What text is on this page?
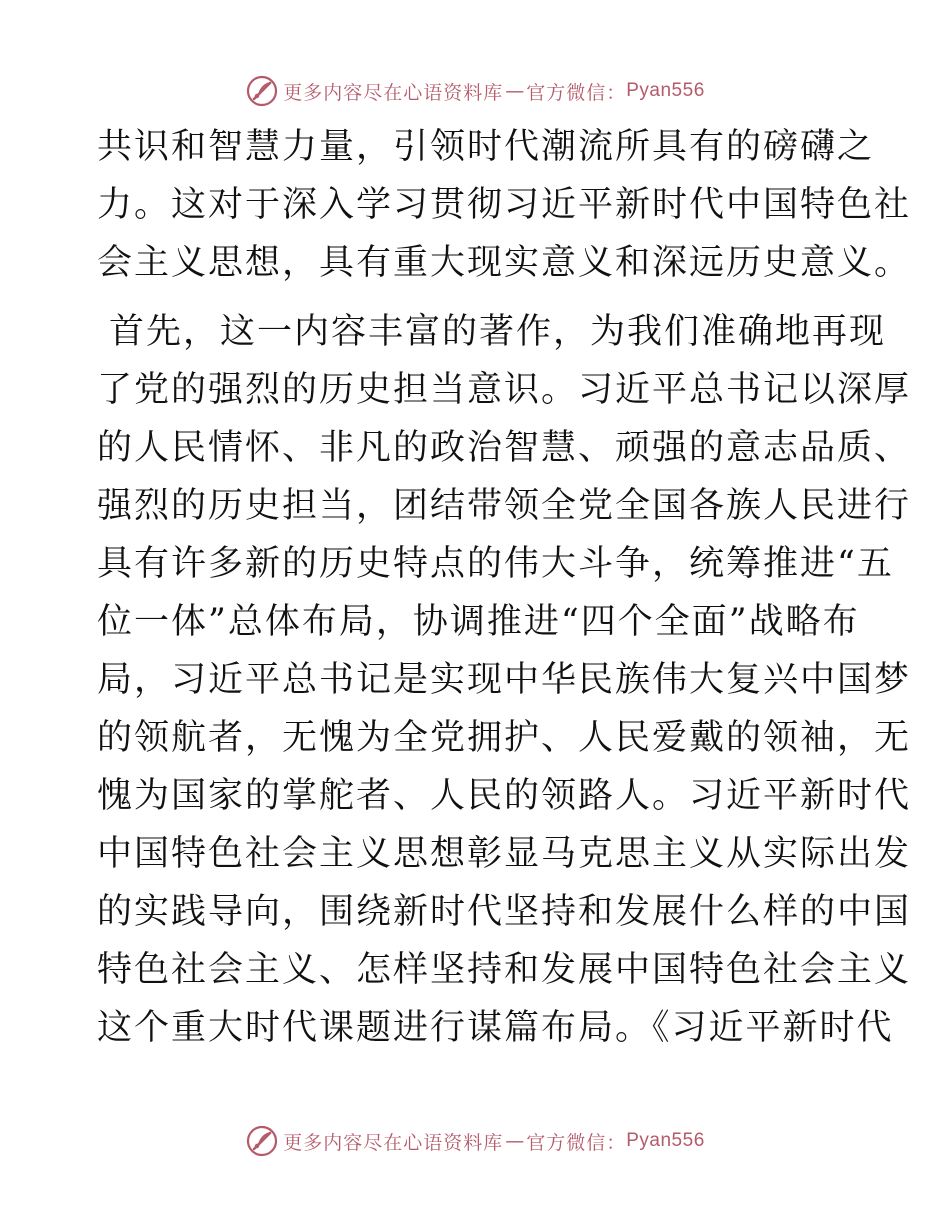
更多内容尽在心语资料库 — 官方微信： Pyan556
共识和智慧力量，引领时代潮流所具有的磅礴之
力。这对于深入学习贯彻习近平新时代中国特色社
会主义思想，具有重大现实意义和深远历史意义。
首先，这一内容丰富的著作，为我们准确地再现
了党的强烈的历史担当意识。习近平总书记以深厚
的人民情怀、非凡的政治智慧、顽强的意志品质、
强烈的历史担当，团结带领全党全国各族人民进行
具有许多新的历史特点的伟大斗争，统筹推进“五
位一体”总体布局，协调推进“四个全面”战略布
局，习近平总书记是实现中华民族伟大复兴中国梦
的领航者，无愧为全党拥护、人民爱戴的领袖，无
愧为国家的掌舵者、人民的领路人。习近平新时代
中国特色社会主义思想彰显马克思主义从实际出发
的实践导向，围绕新时代坚持和发展什么样的中国
特色社会主义、怎样坚持和发展中国特色社会主义
这个重大时代课题进行谋篇布局。《习近平新时代
更多内容尽在心语资料库 — 官方微信： Pyan556
